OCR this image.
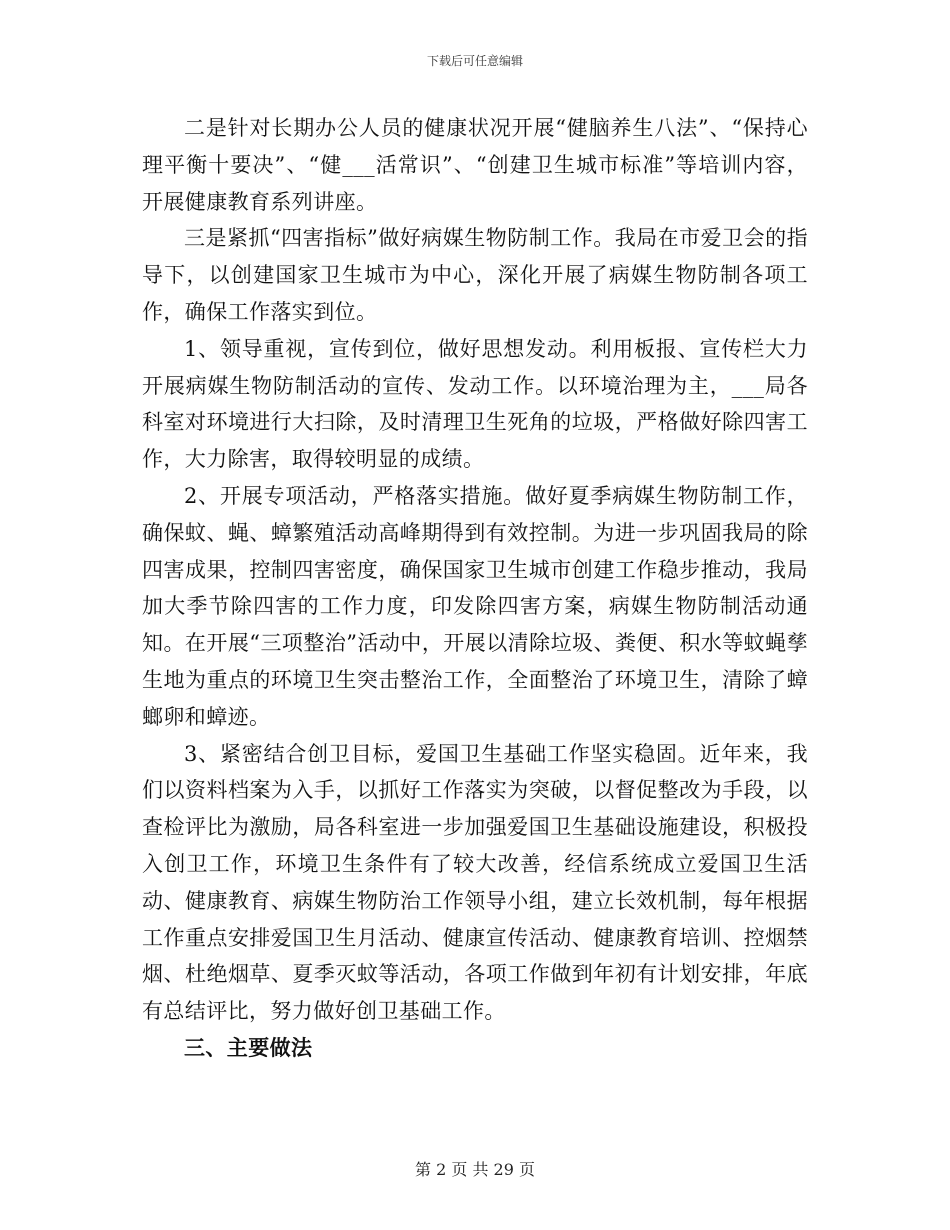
下载后可任意编辑

二是针对长期办公人员的健康状况开展“健脑养生八法”、“保持心理平衡十要决”、“健___活常识”、“创建卫生城市标准”等培训内容，开展健康教育系列讲座。

三是紧抓“四害指标”做好病媒生物防制工作。我局在市爱卫会的指导下，以创建国家卫生城市为中心，深化开展了病媒生物防制各项工作，确保工作落实到位。

1、领导重视，宣传到位，做好思想发动。利用板报、宣传栏大力开展病媒生物防制活动的宣传、发动工作。以环境治理为主，___局各科室对环境进行大扫除，及时清理卫生死角的垃圾，严格做好除四害工作，大力除害，取得较明显的成绩。

2、开展专项活动，严格落实措施。做好夏季病媒生物防制工作，确保蚊、蝇、蟑繁殖活动高峰期得到有效控制。为进一步巩固我局的除四害成果，控制四害密度，确保国家卫生城市创建工作稳步推动，我局加大季节除四害的工作力度，印发除四害方案，病媒生物防制活动通知。在开展“三项整治”活动中，开展以清除垃圾、粪便、积水等蚊蝇孳生地为重点的环境卫生突击整治工作，全面整治了环境卫生，清除了蟑螂卵和蟑迹。

3、紧密结合创卫目标，爱国卫生基础工作坚实稳固。近年来，我们以资料档案为入手，以抓好工作落实为突破，以督促整改为手段，以查检评比为激励，局各科室进一步加强爱国卫生基础设施建设，积极投入创卫工作，环境卫生条件有了较大改善，经信系统成立爱国卫生活动、健康教育、病媒生物防治工作领导小组，建立长效机制，每年根据工作重点安排爱国卫生月活动、健康宣传活动、健康教育培训、控烟禁烟、杜绝烟草、夏季灭蚊等活动，各项工作做到年初有计划安排，年底有总结评比，努力做好创卫基础工作。

三、主要做法

第 2 页 共 29 页
